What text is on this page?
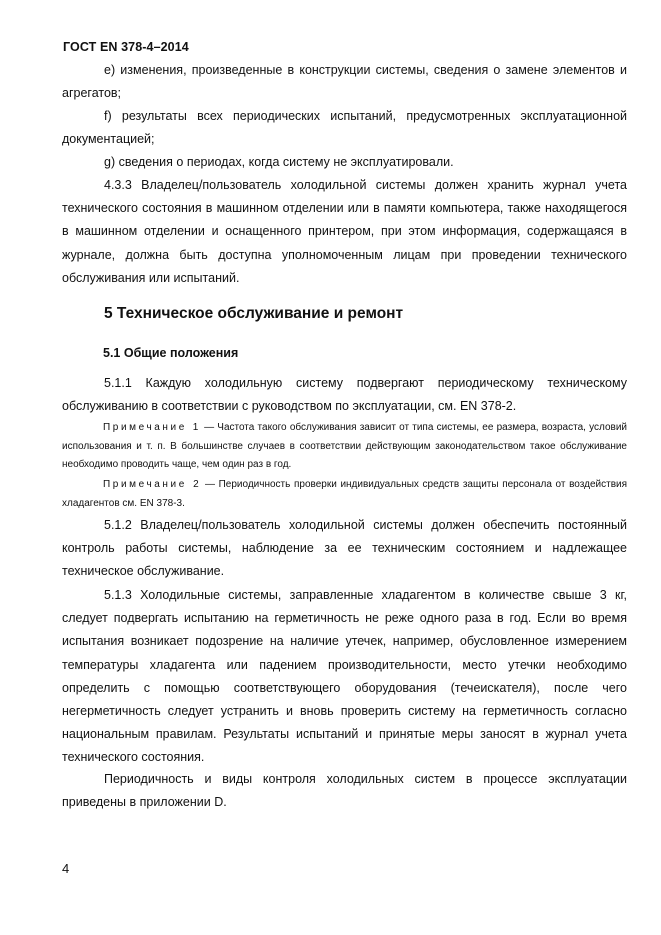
ГОСТ EN 378-4–2014

e) изменения, произведенные в конструкции системы, сведения о замене элементов и агрегатов;

f) результаты всех периодических испытаний, предусмотренных эксплуатационной документацией;

g) сведения о периодах, когда систему не эксплуатировали.

4.3.3 Владелец/пользователь холодильной системы должен хранить журнал учета технического состояния в машинном отделении или в памяти компьютера, также находящегося в машинном отделении и оснащенного принтером, при этом информация, содержащаяся в журнале, должна быть доступна уполномоченным лицам при проведении технического обслуживания или испытаний.

5 Техническое обслуживание и ремонт
5.1 Общие положения

5.1.1 Каждую холодильную систему подвергают периодическому техническому обслуживанию в соответствии с руководством по эксплуатации, см. EN 378-2.

Примечание 1 — Частота такого обслуживания зависит от типа системы, ее размера, возраста, условий использования и т. п. В большинстве случаев в соответствии действующим законодательством такое обслуживание необходимо проводить чаще, чем один раз в год.

Примечание 2 — Периодичность проверки индивидуальных средств защиты персонала от воздействия хладагентов см. EN 378-3.

5.1.2 Владелец/пользователь холодильной системы должен обеспечить постоянный контроль работы системы, наблюдение за ее техническим состоянием и надлежащее техническое обслуживание.

5.1.3 Холодильные системы, заправленные хладагентом в количестве свыше 3 кг, следует подвергать испытанию на герметичность не реже одного раза в год. Если во время испытания возникает подозрение на наличие утечек, например, обусловленное измерением температуры хладагента или падением производительности, место утечки необходимо определить с помощью соответствующего оборудования (течеискателя), после чего негерметичность следует устранить и вновь проверить систему на герметичность согласно национальным правилам. Результаты испытаний и принятые меры заносят в журнал учета технического состояния.

Периодичность и виды контроля холодильных систем в процессе эксплуатации приведены в приложении D.

4
